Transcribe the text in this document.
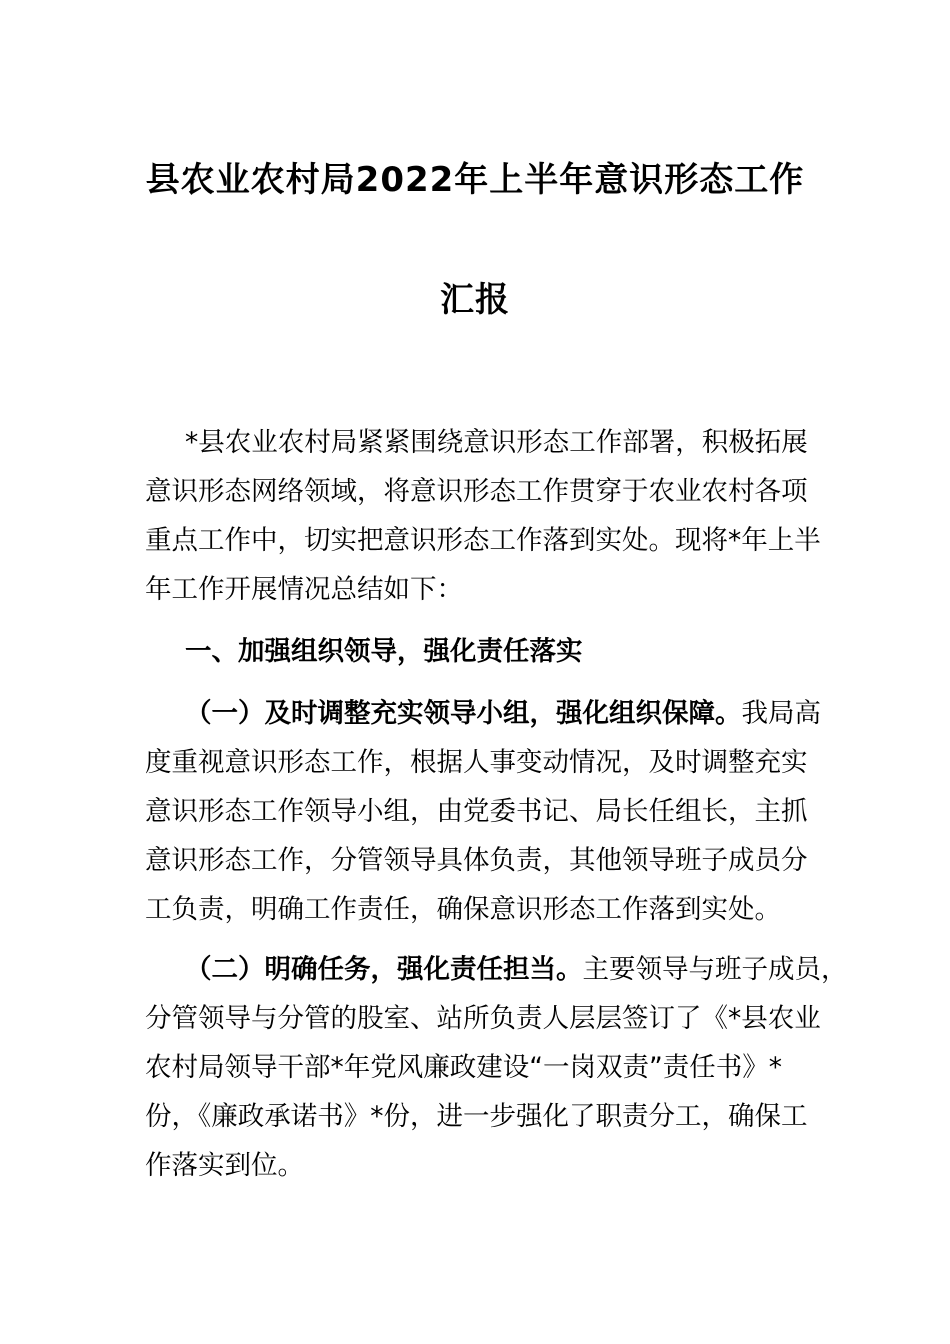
县农业农村局2022年上半年意识形态工作
汇报
*县农业农村局紧紧围绕意识形态工作部署，积极拓展
意识形态网络领域，将意识形态工作贯穿于农业农村各项
重点工作中，切实把意识形态工作落到实处。现将*年上半
年工作开展情况总结如下：
一、加强组织领导，强化责任落实
（一）及时调整充实领导小组，强化组织保障。我局高
度重视意识形态工作，根据人事变动情况，及时调整充实
意识形态工作领导小组，由党委书记、局长任组长，主抓
意识形态工作，分管领导具体负责，其他领导班子成员分
工负责，明确工作责任，确保意识形态工作落到实处。
（二）明确任务，强化责任担当。主要领导与班子成员，
分管领导与分管的股室、站所负责人层层签订了《*县农业
农村局领导干部*年党风廉政建设“一岗双责”责任书》*
份，《廉政承诺书》*份，进一步强化了职责分工，确保工
作落实到位。
